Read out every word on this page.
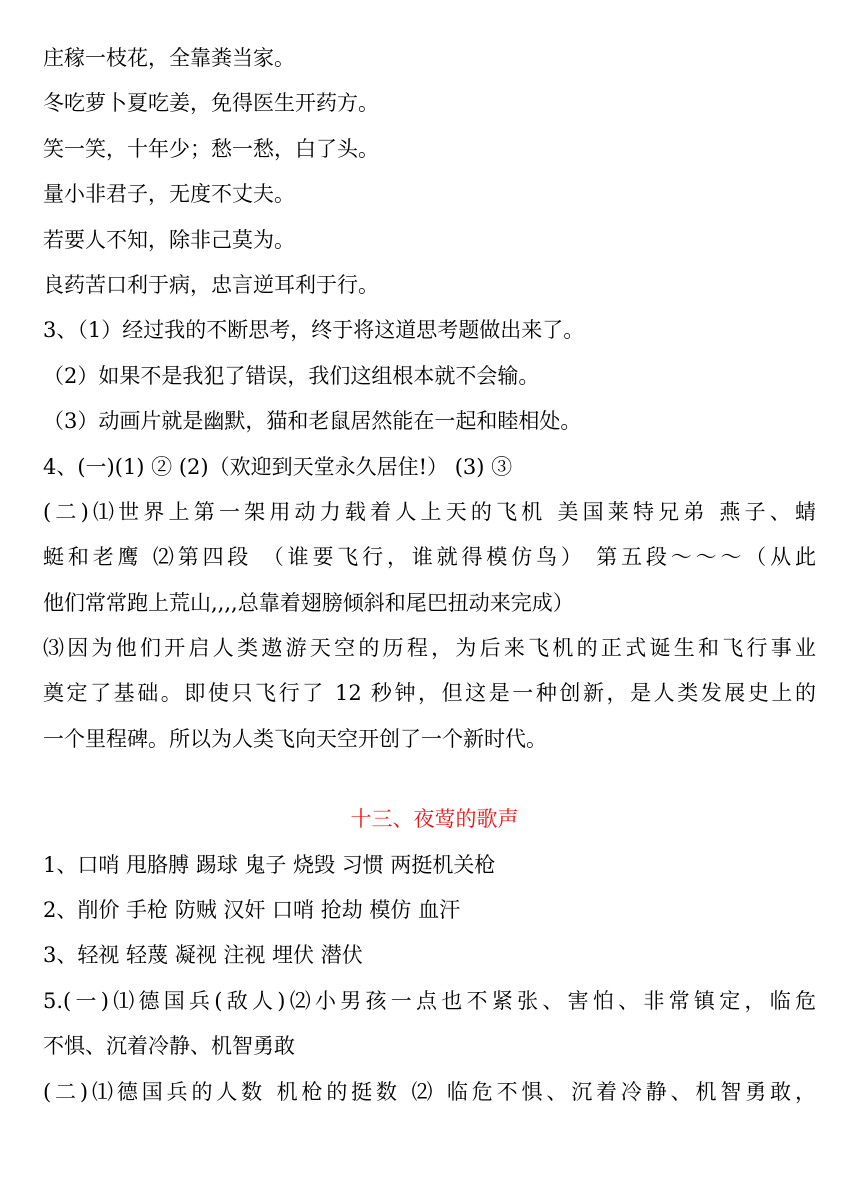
庄稼一枝花，全靠粪当家。
冬吃萝卜夏吃姜，免得医生开药方。
笑一笑，十年少；愁一愁，白了头。
量小非君子，无度不丈夫。
若要人不知，除非己莫为。
良药苦口利于病，忠言逆耳利于行。
3、（1）经过我的不断思考，终于将这道思考题做出来了。
（2）如果不是我犯了错误，我们这组根本就不会输。
（3）动画片就是幽默，猫和老鼠居然能在一起和睦相处。
4、(一)(1) ② (2)（欢迎到天堂永久居住!） (3) ③
(二)⑴世界上第一架用动力载着人上天的飞机 美国莱特兄弟 燕子、蜻
蜓和老鹰 ⑵第四段 （谁要飞行，谁就得模仿鸟） 第五段～～～（从此
他们常常跑上荒山,,,,总靠着翅膀倾斜和尾巴扭动来完成）
⑶因为他们开启人类遨游天空的历程，为后来飞机的正式诞生和飞行事业
奠定了基础。即使只飞行了 12 秒钟，但这是一种创新，是人类发展史上的
一个里程碑。所以为人类飞向天空开创了一个新时代。
十三、夜莺的歌声
1、口哨 甩胳膊 踢球 鬼子 烧毁 习惯 两挺机关枪
2、削价 手枪 防贼 汉奸 口哨 抢劫 模仿 血汗
3、轻视 轻蔑 凝视 注视 埋伏 潜伏
5.(一)⑴德国兵(敌人)⑵小男孩一点也不紧张、害怕、非常镇定，临危
不惧、沉着冷静、机智勇敢
(二)⑴德国兵的人数 机枪的挺数 ⑵ 临危不惧、沉着冷静、机智勇敢，
